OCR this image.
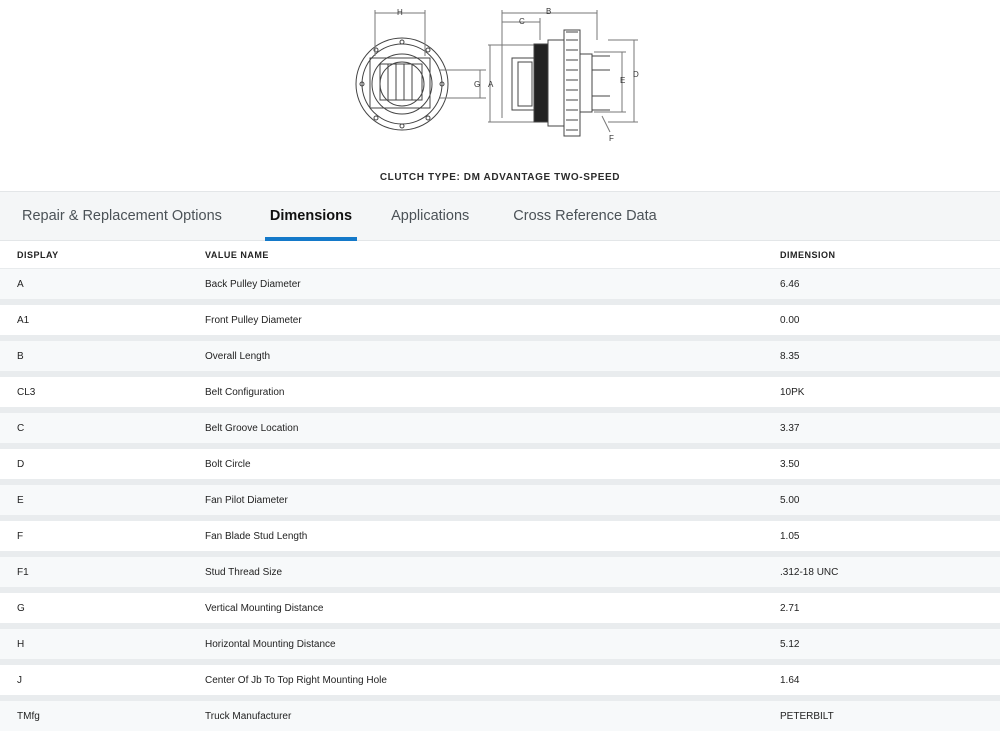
H
G
B
C
A	E
D
F
CLUTCH TYPE: DM ADVANTAGE TWO-SPEED
Repair & Replacement Options	Dimensions	Applications	Cross Reference Data
DISPLAY	VALUE NAME	DIMENSION
A	Back Pulley Diameter	6.46
A1	Front Pulley Diameter	0.00
B	Overall Length	8.35
CL3	Belt Configuration	10PK
C	Belt Groove Location	3.37
D	Bolt Circle	3.50
E	Fan Pilot Diameter	5.00
F	Fan Blade Stud Length	1.05
F1	Stud Thread Size	.312-18 UNC
G	Vertical Mounting Distance	2.71
H	Horizontal Mounting Distance	5.12
J	Center Of Jb To Top Right Mounting Hole	1.64
TMfg	Truck Manufacturer	PETERBILT
